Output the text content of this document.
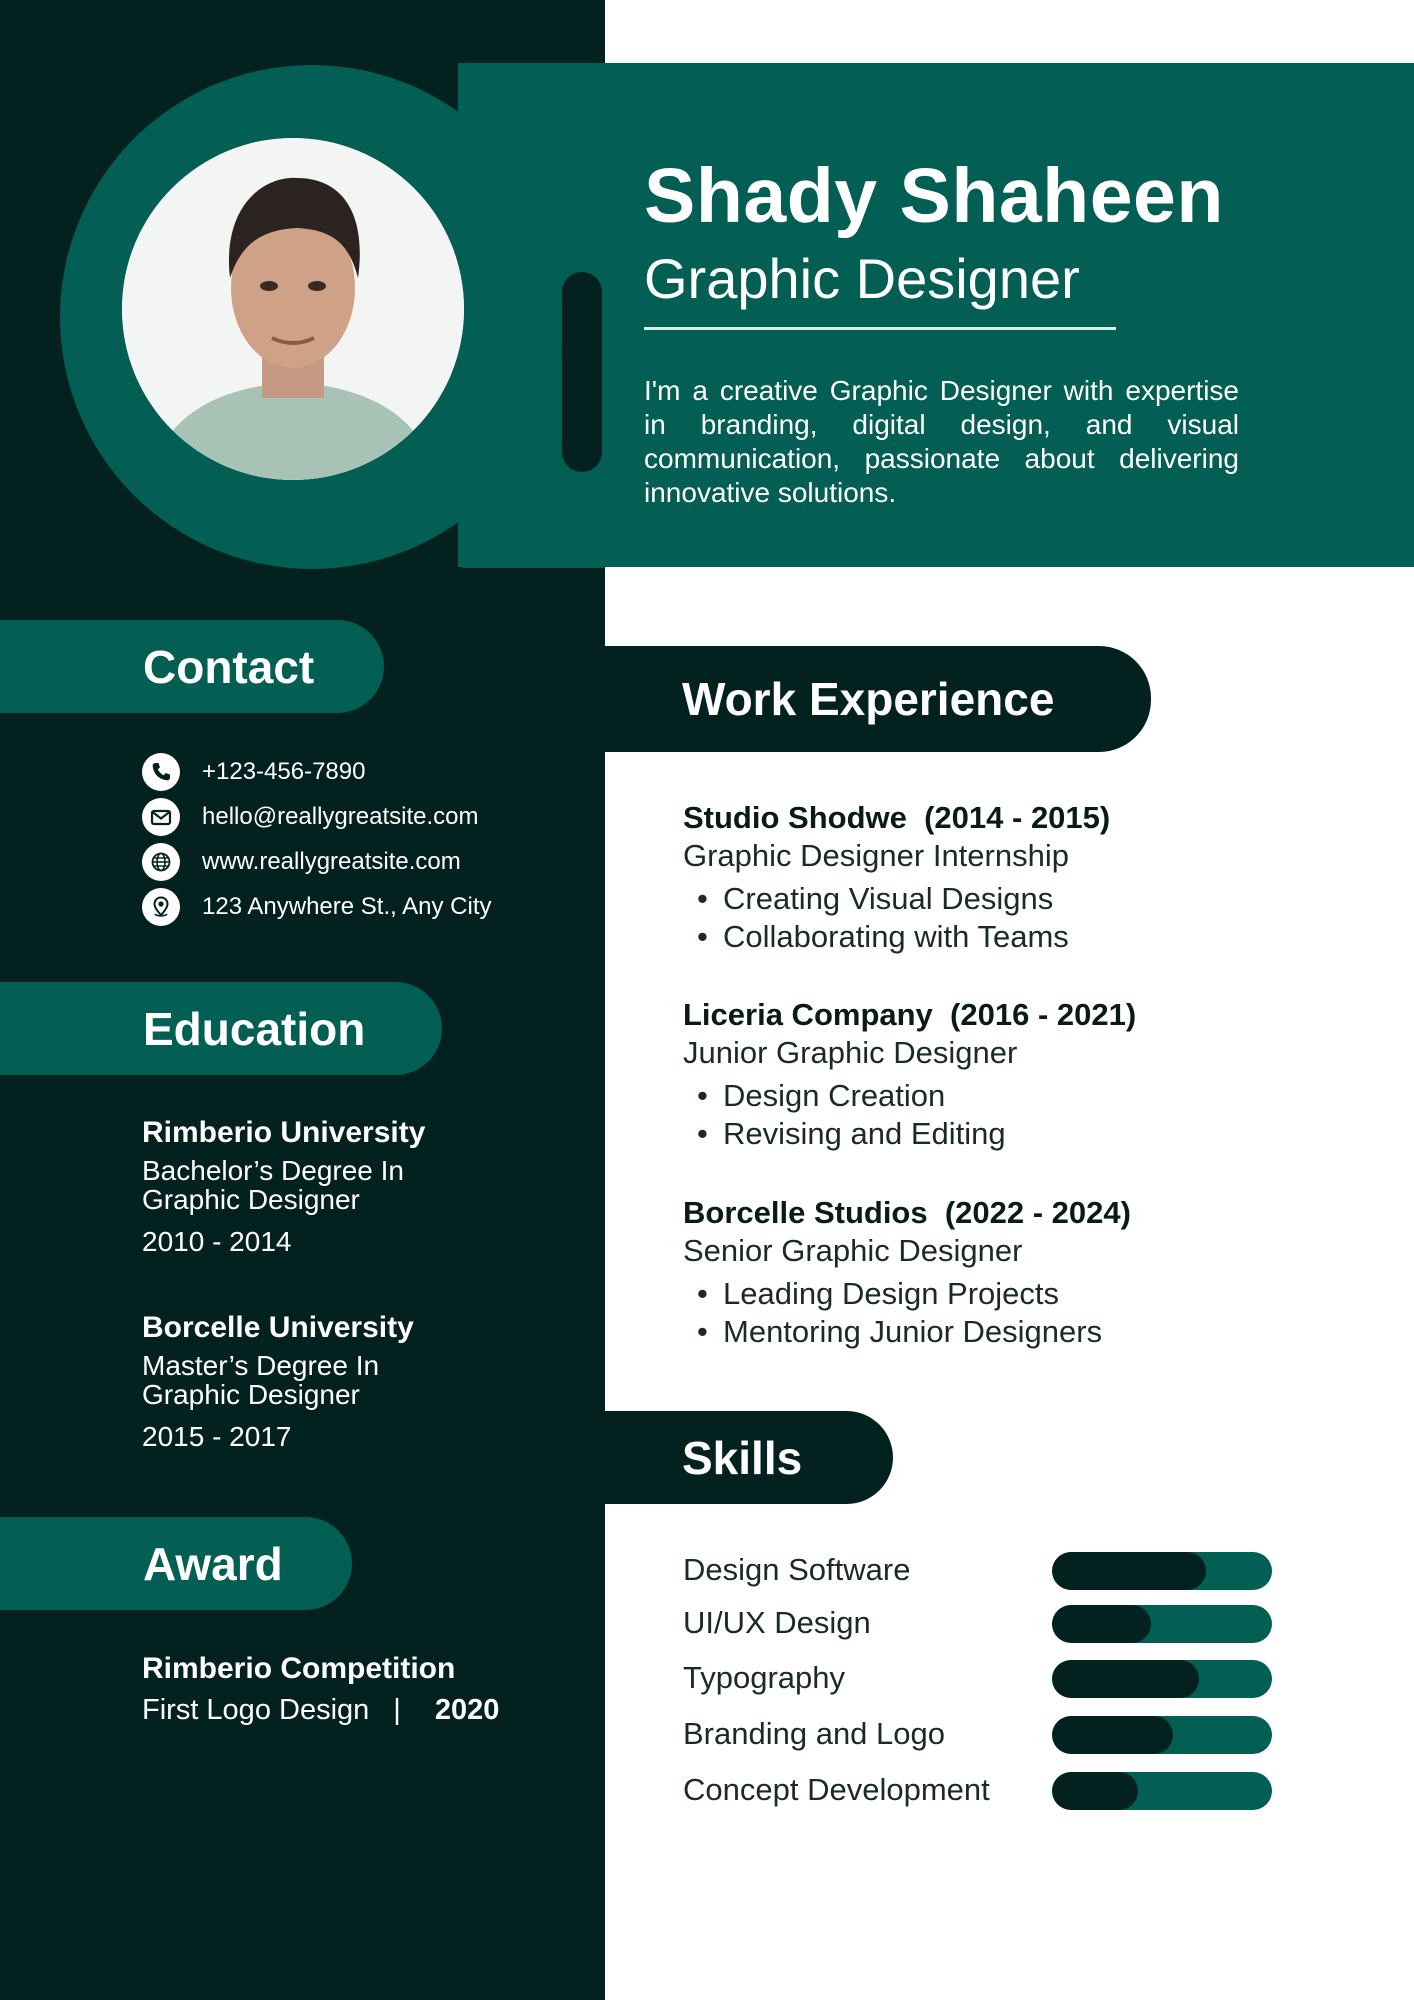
Shady Shaheen
Graphic Designer
I'm a creative Graphic Designer with expertise in branding, digital design, and visual communication, passionate about delivering innovative solutions.
Contact
+123-456-7890
hello@reallygreatsite.com
www.reallygreatsite.com
123 Anywhere St., Any City
Education
Rimberio University
Bachelor’s Degree In Graphic Designer
2010 - 2014
Borcelle University
Master’s Degree In Graphic Designer
2015 - 2017
Award
Rimberio Competition
First Logo Design | 2020
Work Experience
Studio Shodwe (2014 - 2015)
Graphic Designer Internship
• Creating Visual Designs
• Collaborating with Teams
Liceria Company (2016 - 2021)
Junior Graphic Designer
• Design Creation
• Revising and Editing
Borcelle Studios (2022 - 2024)
Senior Graphic Designer
• Leading Design Projects
• Mentoring Junior Designers
Skills
Design Software
UI/UX Design
Typography
Branding and Logo
Concept Development
